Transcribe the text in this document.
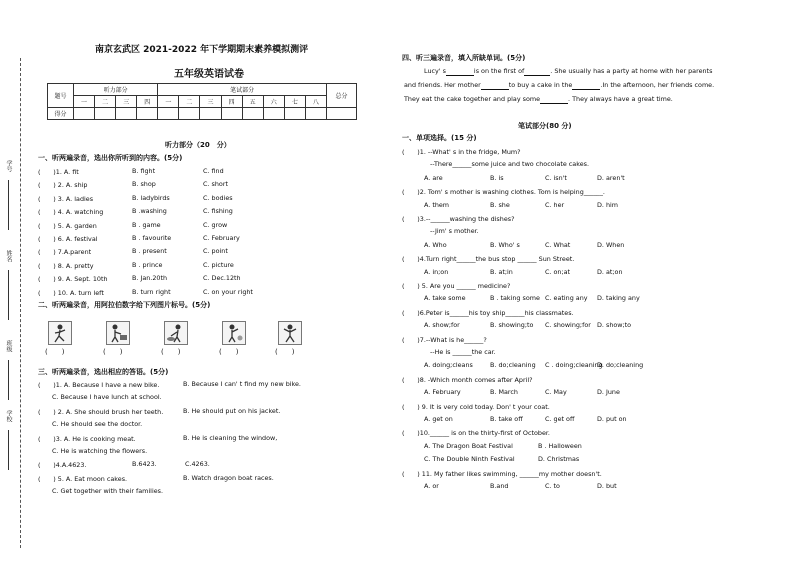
学号
姓名
班级
学校
南京玄武区 2021-2022 年下学期期末素养模拟测评
五年级英语试卷
题号	听力部分				笔试部分								总分
	一	二	三	四	一	二	三	四	五	六	七	八	
得分													
听力部分（20　分）
一、听两遍录音，选出你所听到的内容。(5分)
(　　)1. A. fit	B. fight	C. find
(　　) 2. A. ship	B. shop	C. short
(　　) 3. A. ladies	B. ladybirds	C. bodies
(　　) 4. A. watching	B .washing	C. fishing
(　　) 5. A. garden	B . game	C. grow
(　　) 6. A. festival	B . favourite	C. February
(　　) 7.A.parent	B . present	C. point
(　　) 8. A. pretty	B . prince	C. picture
(　　) 9. A. Sept. 10th	B. Jan.20th	C. Dec.12th
(　　) 10. A. turn left	B. turn right	C. on your right
二、听两遍录音，用阿拉伯数字给下列图片标号。(5分)
(　　)	(　　)	(　　)	(　　)	(　　)
三、听两遍录音，选出相应的答语。(5分)
(　　)1. A. Because I have a new bike.	B. Because I can' t find my new bike.
C. Because I have lunch at school.
(　　) 2. A. She should brush her teeth.	B. He should put on his jacket.
C. He should see the doctor.
(　　)3. A. He is cooking meat.	B. He is cleaning the window,
C. He is watching the flowers.
(　　)4.A.4623.	B.6423.	C.4263.
(　　) 5. A. Eat moon cakes.	B. Watch dragon boat races.
C. Get together with their families.
四、听三遍录音，填入所缺单词。(5分)
Lucy' s	is on the first of	. She usually has a party at home with her parents
and friends. Her mother	to buy a cake in the	.In the afternoon, her friends come.
They eat the cake together and play some	. They always have a great time.
笔试部分(80 分)
一、单项选择。(15 分)
(　　)1. --What' s in the fridge, Mum?
--There______some juice and two chocolate cakes.
A. are	B. is	C. isn't	D. aren't
(　　)2. Tom' s mother is washing clothes. Tom is helping______.
A. them	B. she	C. her	D. him
(　　)3.--______washing the dishes?
--Jim' s mother.
A. Who	B. Who' s	C. What	D. When
(　　)4.Turn right______the bus stop ______ Sun Street.
A. in;on	B. at;in	C. on;at	D. at;on
(　　) 5. Are you ______ medicine?
A. take some	B . taking some C. eating any D. taking any
(　　)6.Peter is______his toy ship______his classmates.
A. show;for	B. showing;to C. showing;for D. show;to
(　　)7.--What is he______?
--He is ______the car.
A. doing;cleans	B. do;cleaning C . doing;cleaning
D. do;cleaning
(　　)8. -Which month comes after April?
A. February	B. March	C. May	D. June
(　　) 9. It is very cold today. Don' t your coat.
A. get on	B. take off	C. get off	D. put on
(　　)10.______ is on the thirty-first of October.
A. The Dragon Boat Festival	B . Halloween
C. The Double Ninth Festival	D. Christmas
(　　) 11. My father likes swimming, ______my mother doesn't.
A. or	B.and	C. to	D. but
